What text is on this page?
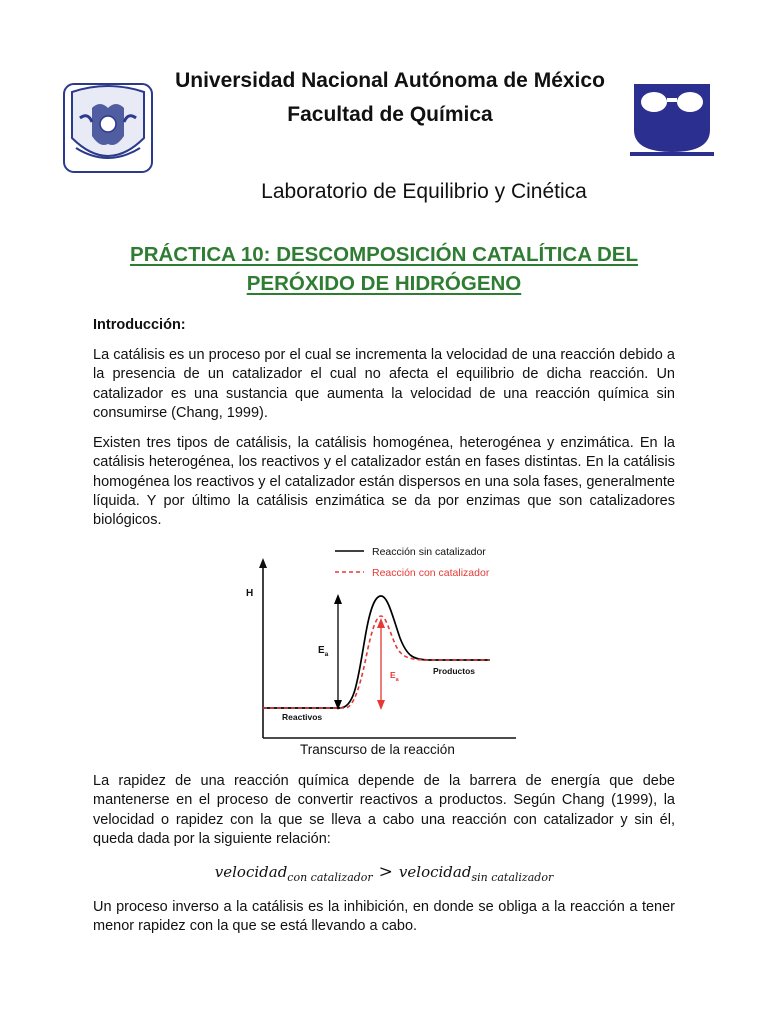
Universidad Nacional Autónoma de México
Facultad de Química
Laboratorio de Equilibrio y Cinética
PRÁCTICA 10: DESCOMPOSICIÓN CATALÍTICA DEL PERÓXIDO DE HIDRÓGENO
Introducción:
La catálisis es un proceso por el cual se incrementa la velocidad de una reacción debido a la presencia de un catalizador el cual no afecta el equilibrio de dicha reacción. Un catalizador es una sustancia que aumenta la velocidad de una reacción química sin consumirse (Chang, 1999).
Existen tres tipos de catálisis, la catálisis homogénea, heterogénea y enzimática. En la catálisis heterogénea, los reactivos y el catalizador están en fases distintas. En la catálisis homogénea los reactivos y el catalizador están dispersos en una sola fases, generalmente líquida. Y por último la catálisis enzimática se da por enzimas que son catalizadores biológicos.
H
Transcurso de la reacción
Reacción sin catalizador
Reacción con catalizador
$E_a$
$E_a$
Reactivos
Productos
La rapidez de una reacción química depende de la barrera de energía que debe mantenerse en el proceso de convertir reactivos a productos. Según Chang (1999), la velocidad o rapidez con la que se lleva a cabo una reacción con catalizador y sin él, queda dada por la siguiente relación:
velocidad$_{con catalizador}$ > velocidad$_{sin catalizador}$
Un proceso inverso a la catálisis es la inhibición, en donde se obliga a la reacción a tener menor rapidez con la que se está llevando a cabo.
